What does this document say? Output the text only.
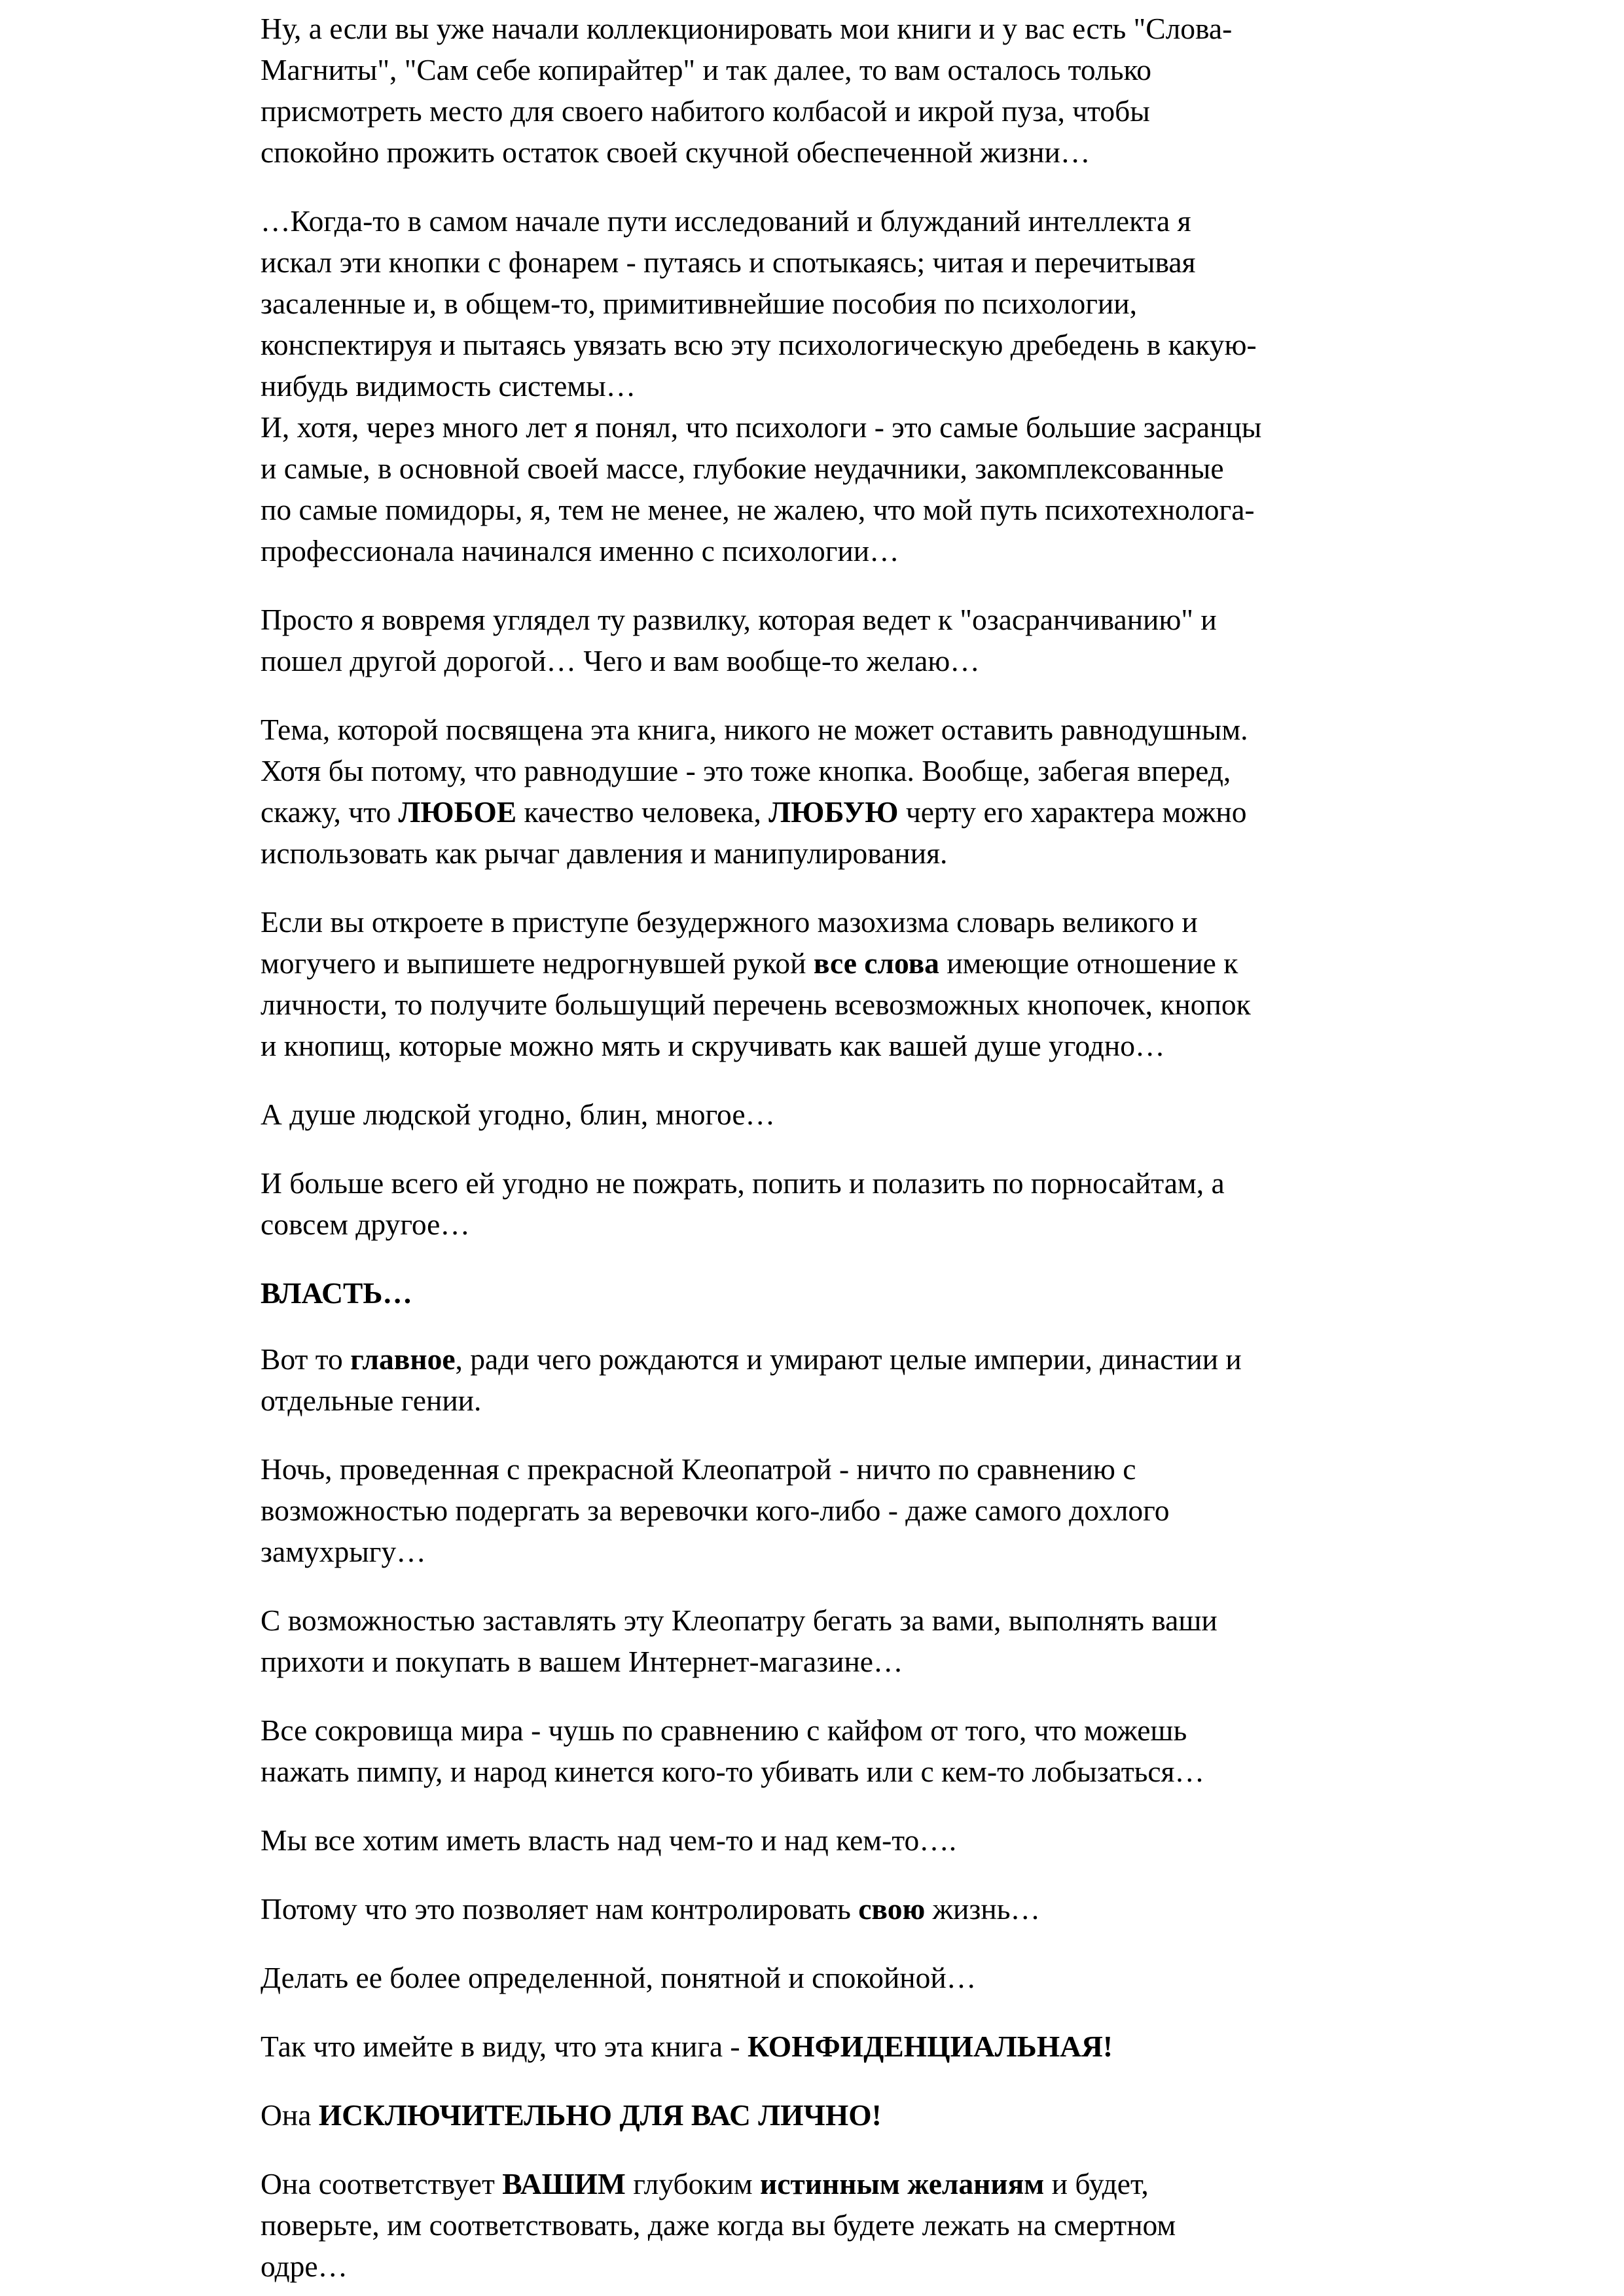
Ну, а если вы уже начали коллекционировать мои книги и у вас есть "Слова-
Магниты", "Сам себе копирайтер" и так далее, то вам осталось только
присмотреть место для своего набитого колбасой и икрой пуза, чтобы
спокойно прожить остаток своей скучной обеспеченной жизни…

…Когда-то в самом начале пути исследований и блужданий интеллекта я
искал эти кнопки с фонарем - путаясь и спотыкаясь; читая и перечитывая
засаленные и, в общем-то, примитивнейшие пособия по психологии,
конспектируя и пытаясь увязать всю эту психологическую дребедень в какую-
нибудь видимость системы…

И, хотя, через много лет я понял, что психологи - это самые большие засранцы
и самые, в основной своей массе, глубокие неудачники, закомплексованные
по самые помидоры, я, тем не менее, не жалею, что мой путь психотехнолога-
профессионала начинался именно с психологии…

Просто я вовремя углядел ту развилку, которая ведет к "озасранчиванию" и
пошел другой дорогой… Чего и вам вообще-то желаю…

Тема, которой посвящена эта книга, никого не может оставить равнодушным.
Хотя бы потому, что равнодушие - это тоже кнопка. Вообще, забегая вперед,
скажу, что ЛЮБОЕ качество человека, ЛЮБУЮ черту его характера можно
использовать как рычаг давления и манипулирования.

Если вы откроете в приступе безудержного мазохизма словарь великого и
могучего и выпишете недрогнувшей рукой все слова имеющие отношение к
личности, то получите большущий перечень всевозможных кнопочек, кнопок
и кнопищ, которые можно мять и скручивать как вашей душе угодно…

А душе людской угодно, блин, многое…

И больше всего ей угодно не пожрать, попить и полазить по порносайтам, а
совсем другое…

ВЛАСТЬ…

Вот то главное, ради чего рождаются и умирают целые империи, династии и
отдельные гении.

Ночь, проведенная с прекрасной Клеопатрой - ничто по сравнению с
возможностью подергать за веревочки кого-либо - даже самого дохлого
замухрыгу…

С возможностью заставлять эту Клеопатру бегать за вами, выполнять ваши
прихоти и покупать в вашем Интернет-магазине…

Все сокровища мира - чушь по сравнению с кайфом от того, что можешь
нажать пимпу, и народ кинется кого-то убивать или с кем-то лобызаться…

Мы все хотим иметь власть над чем-то и над кем-то….

Потому что это позволяет нам контролировать свою жизнь…

Делать ее более определенной, понятной и спокойной…

Так что имейте в виду, что эта книга - КОНФИДЕНЦИАЛЬНАЯ!

Она ИСКЛЮЧИТЕЛЬНО ДЛЯ ВАС ЛИЧНО!

Она соответствует ВАШИМ глубоким истинным желаниям и будет,
поверьте, им соответствовать, даже когда вы будете лежать на смертном
одре…
